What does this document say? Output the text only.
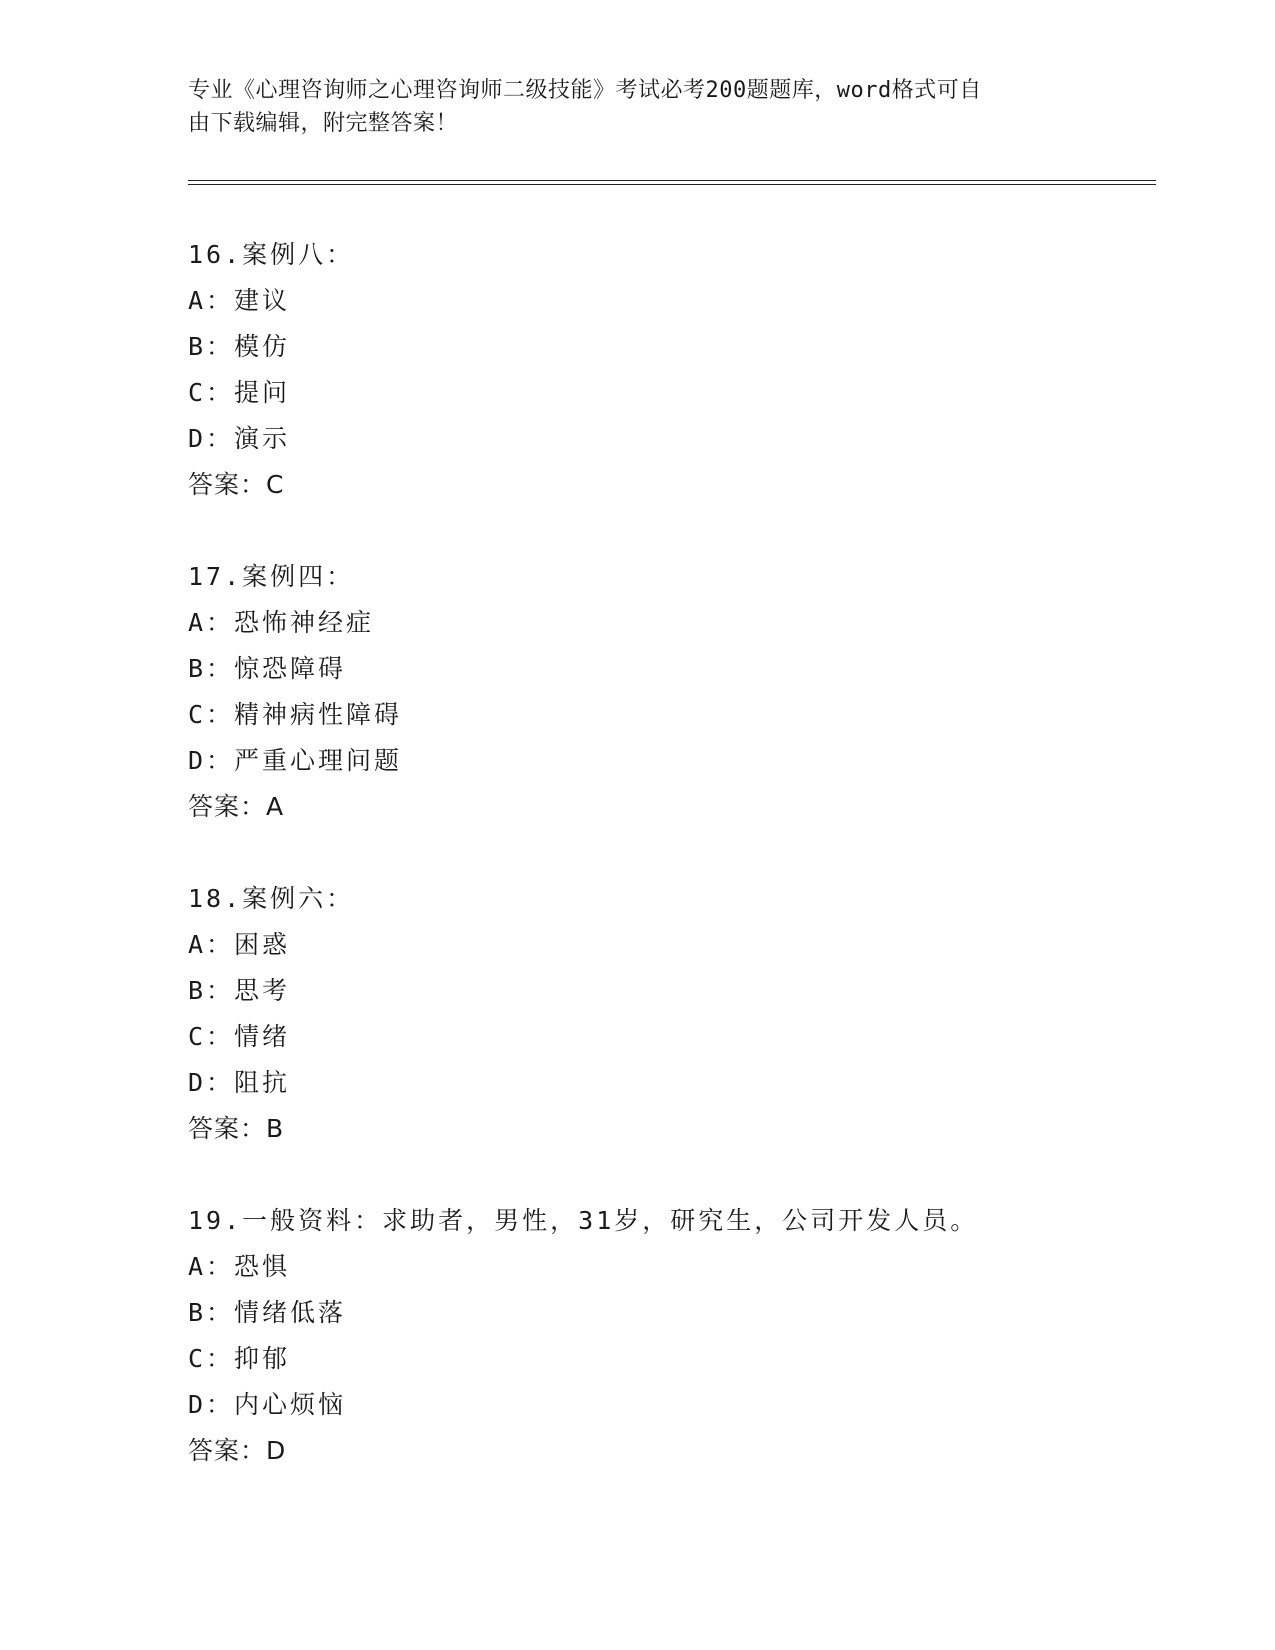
专业《心理咨询师之心理咨询师二级技能》考试必考200题题库，word格式可自
由下载编辑，附完整答案！
16.案例八：
A：建议
B：模仿
C：提问
D：演示
答案：C
17.案例四：
A：恐怖神经症
B：惊恐障碍
C：精神病性障碍
D：严重心理问题
答案：A
18.案例六：
A：困惑
B：思考
C：情绪
D：阻抗
答案：B
19.一般资料：求助者，男性，31岁，研究生，公司开发人员。
A：恐惧
B：情绪低落
C：抑郁
D：内心烦恼
答案：D
